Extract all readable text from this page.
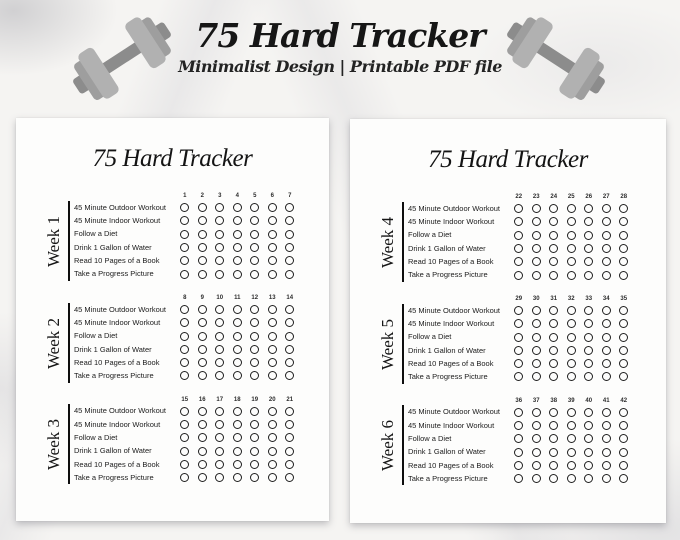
75 Hard Tracker

Minimalist Design | Printable PDF file

75 Hard Tracker
Week 1
1 2 3 4 5 6 7
45 Minute Outdoor Workout
45 Minute Indoor Workout
Follow a Diet
Drink 1 Gallon of Water
Read 10 Pages of a Book
Take a Progress Picture
Week 2
8 9 10 11 12 13 14
45 Minute Outdoor Workout
45 Minute Indoor Workout
Follow a Diet
Drink 1 Gallon of Water
Read 10 Pages of a Book
Take a Progress Picture
Week 3
15 16 17 18 19 20 21
45 Minute Outdoor Workout
45 Minute Indoor Workout
Follow a Diet
Drink 1 Gallon of Water
Read 10 Pages of a Book
Take a Progress Picture
75 Hard Tracker
Week 4
22 23 24 25 26 27 28
45 Minute Outdoor Workout
45 Minute Indoor Workout
Follow a Diet
Drink 1 Gallon of Water
Read 10 Pages of a Book
Take a Progress Picture
Week 5
29 30 31 32 33 34 35
45 Minute Outdoor Workout
45 Minute Indoor Workout
Follow a Diet
Drink 1 Gallon of Water
Read 10 Pages of a Book
Take a Progress Picture
Week 6
36 37 38 39 40 41 42
45 Minute Outdoor Workout
45 Minute Indoor Workout
Follow a Diet
Drink 1 Gallon of Water
Read 10 Pages of a Book
Take a Progress Picture
